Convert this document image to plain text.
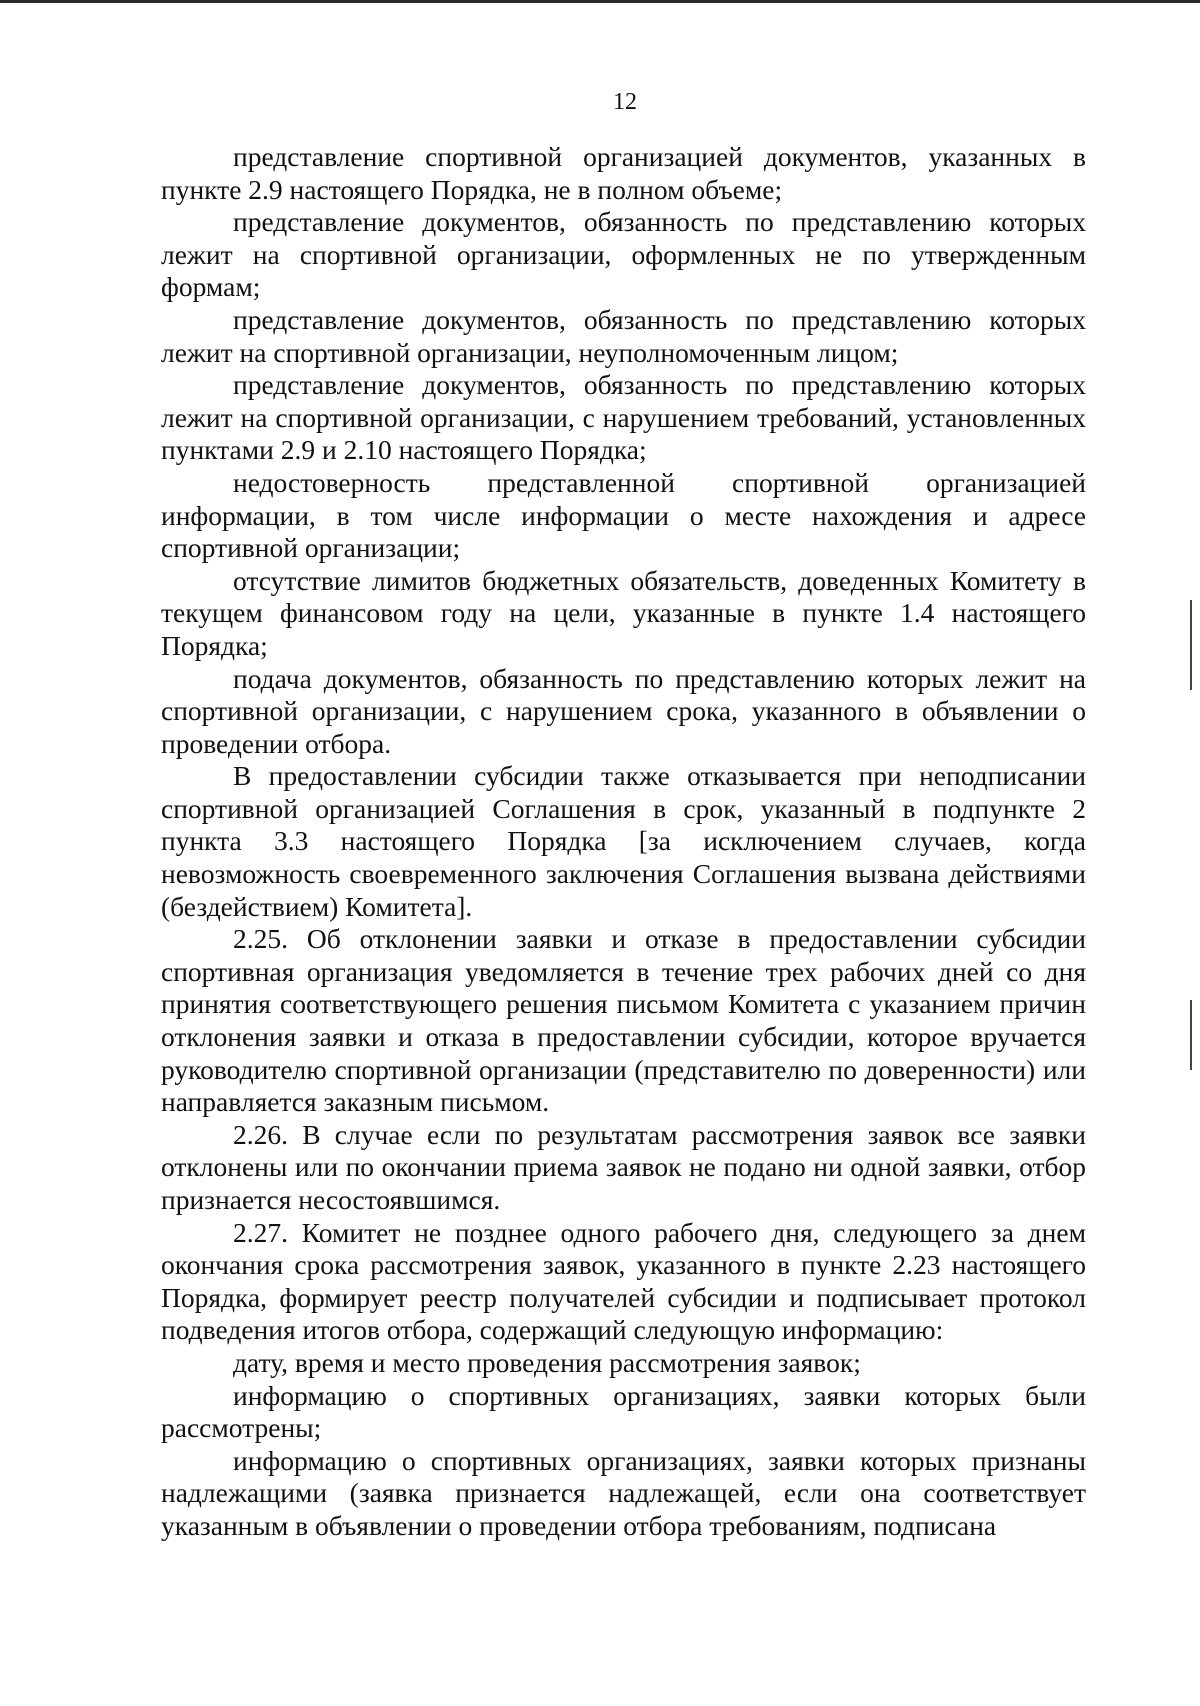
12

представление спортивной организацией документов, указанных в пункте 2.9 настоящего Порядка, не в полном объеме;

представление документов, обязанность по представлению которых лежит на спортивной организации, оформленных не по утвержденным формам;

представление документов, обязанность по представлению которых лежит на спортивной организации, неуполномоченным лицом;

представление документов, обязанность по представлению которых лежит на спортивной организации, с нарушением требований, установленных пунктами 2.9 и 2.10 настоящего Порядка;

недостоверность представленной спортивной организацией информации, в том числе информации о месте нахождения и адресе спортивной организации;

отсутствие лимитов бюджетных обязательств, доведенных Комитету в текущем финансовом году на цели, указанные в пункте 1.4 настоящего Порядка;

подача документов, обязанность по представлению которых лежит на спортивной организации, с нарушением срока, указанного в объявлении о проведении отбора.

В предоставлении субсидии также отказывается при неподписании спортивной организацией Соглашения в срок, указанный в подпункте 2 пункта 3.3 настоящего Порядка [за исключением случаев, когда невозможность своевременного заключения Соглашения вызвана действиями (бездействием) Комитета].

2.25. Об отклонении заявки и отказе в предоставлении субсидии спортивная организация уведомляется в течение трех рабочих дней со дня принятия соответствующего решения письмом Комитета с указанием причин отклонения заявки и отказа в предоставлении субсидии, которое вручается руководителю спортивной организации (представителю по доверенности) или направляется заказным письмом.

2.26. В случае если по результатам рассмотрения заявок все заявки отклонены или по окончании приема заявок не подано ни одной заявки, отбор признается несостоявшимся.

2.27. Комитет не позднее одного рабочего дня, следующего за днем окончания срока рассмотрения заявок, указанного в пункте 2.23 настоящего Порядка, формирует реестр получателей субсидии и подписывает протокол подведения итогов отбора, содержащий следующую информацию:

дату, время и место проведения рассмотрения заявок;

информацию о спортивных организациях, заявки которых были рассмотрены;

информацию о спортивных организациях, заявки которых признаны надлежащими (заявка признается надлежащей, если она соответствует указанным в объявлении о проведении отбора требованиям, подписана
